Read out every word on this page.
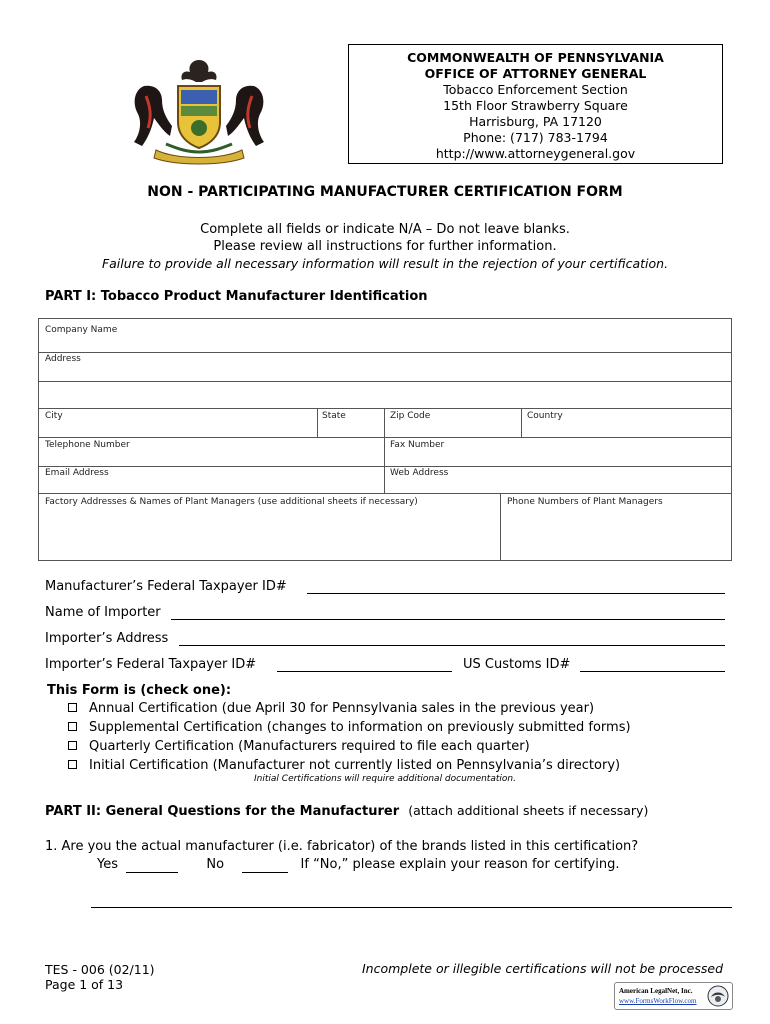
COMMONWEALTH OF PENNSYLVANIA
OFFICE OF ATTORNEY GENERAL
Tobacco Enforcement Section
15th Floor Strawberry Square
Harrisburg, PA 17120
Phone: (717) 783-1794
http://www.attorneygeneral.gov
NON - PARTICIPATING MANUFACTURER CERTIFICATION FORM
Complete all fields or indicate N/A – Do not leave blanks.
Please review all instructions for further information.
Failure to provide all necessary information will result in the rejection of your certification.
PART I: Tobacco Product Manufacturer Identification
Company Name
Address
City	State	Zip Code	Country
Telephone Number	Fax Number
Email Address	Web Address
Factory Addresses & Names of Plant Managers (use additional sheets if necessary)	Phone Numbers of Plant Managers
Manufacturer’s Federal Taxpayer ID#
Name of Importer
Importer’s Address
Importer’s Federal Taxpayer ID#	US Customs ID#
This Form is (check one):
Annual Certification (due April 30 for Pennsylvania sales in the previous year)
Supplemental Certification (changes to information on previously submitted forms)
Quarterly Certification (Manufacturers required to file each quarter)
Initial Certification (Manufacturer not currently listed on Pennsylvania’s directory)
Initial Certifications will require additional documentation.
PART II: General Questions for the Manufacturer (attach additional sheets if necessary)
1. Are you the actual manufacturer (i.e. fabricator) of the brands listed in this certification?
Yes	No	If “No,” please explain your reason for certifying.
TES - 006 (02/11)
Page 1 of 13
Incomplete or illegible certifications will not be processed
American LegalNet, Inc.
www.FormsWorkFlow.com
